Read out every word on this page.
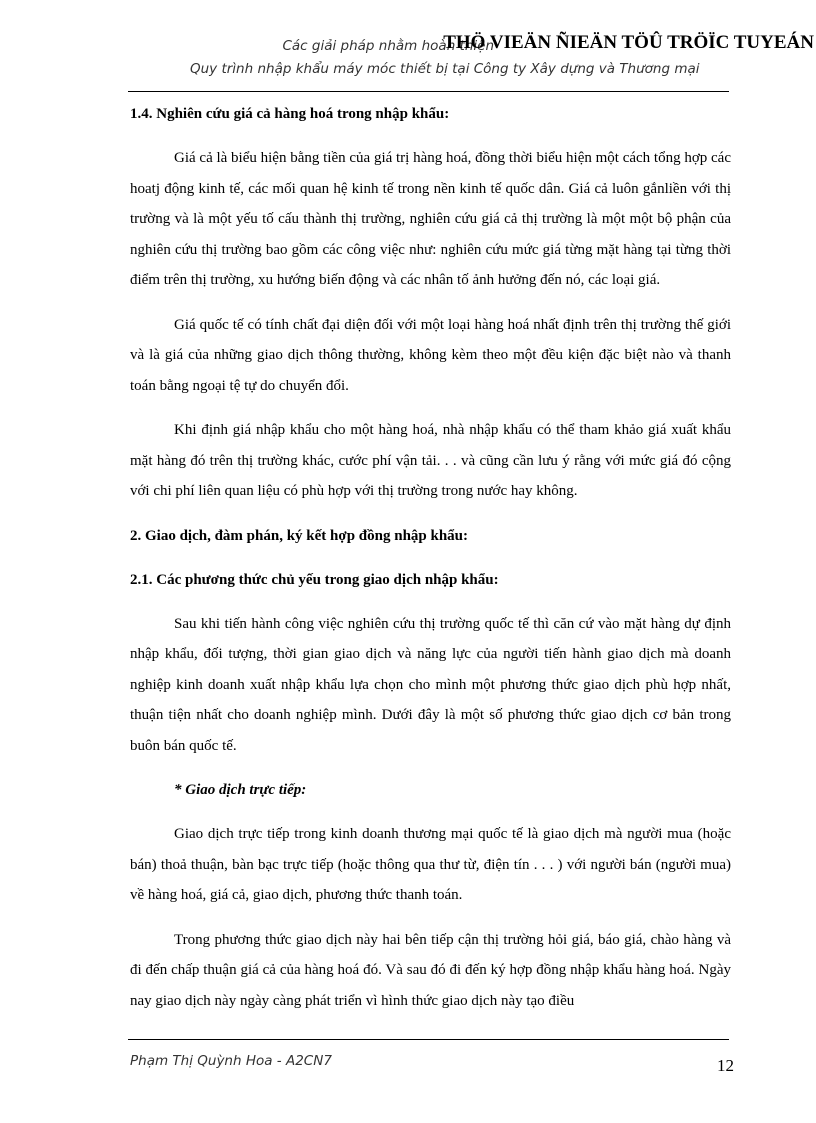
Các giải pháp nhằm hoàn thiện
THÖ VIEÄN ÑIEÄN TÖÛ TRÖÏC TUYEÁN
Quy trình nhập khẩu máy móc thiết bị tại Công ty Xây dựng và Thương mại
1.4. Nghiên cứu giá cả hàng hoá trong nhập khẩu:

Giá cả là biểu hiện bằng tiền của giá trị hàng hoá, đồng thời biểu hiện một cách tổng hợp các hoatj động kinh tế, các mối quan hệ kinh tế trong nền kinh tế quốc dân. Giá cả luôn gắnliền với thị trường và là một yếu tố cấu thành thị trường, nghiên cứu giá cả thị trường là một một bộ phận của nghiên cứu thị trường bao gồm các công việc như: nghiên cứu mức giá từng mặt hàng tại từng thời điểm trên thị trường, xu hướng biến động và các nhân tố ảnh hưởng đến nó, các loại giá.

Giá quốc tế có tính chất đại diện đối với một loại hàng hoá nhất định trên thị trường thế giới và là giá của những giao dịch thông thường, không kèm theo một đều kiện đặc biệt nào và thanh toán bằng ngoại tệ tự do chuyển đổi.

Khi định giá nhập khẩu cho một hàng hoá, nhà nhập khẩu có thể tham khảo giá xuất khẩu mặt hàng đó trên thị trường khác, cước phí vận tải. . . và cũng cần lưu ý rằng với mức giá đó cộng với chi phí liên quan liệu có phù hợp với thị trường trong nước hay không.

2. Giao dịch, đàm phán, ký kết hợp đồng nhập khẩu:
2.1. Các phương thức chủ yếu trong giao dịch nhập khẩu:

Sau khi tiến hành công việc nghiên cứu thị trường quốc tế thì căn cứ vào mặt hàng dự định nhập khẩu, đối tượng, thời gian giao dịch và năng lực của người tiến hành giao dịch mà doanh nghiệp kinh doanh xuất nhập khẩu lựa chọn cho mình một phương thức giao dịch phù hợp nhất, thuận tiện nhất cho doanh nghiệp mình. Dưới đây là một số phương thức giao dịch cơ bản trong buôn bán quốc tế.

* Giao dịch trực tiếp:

Giao dịch trực tiếp trong kinh doanh thương mại quốc tế là giao dịch mà người mua (hoặc bán) thoả thuận, bàn bạc trực tiếp (hoặc thông qua thư từ, điện tín . . . ) với người bán (người mua) về hàng hoá, giá cả, giao dịch, phương thức thanh toán.

Trong phương thức giao dịch này hai bên tiếp cận thị trường hỏi giá, báo giá, chào hàng và đi đến chấp thuận giá cả của hàng hoá đó. Và sau đó đi đến ký hợp đồng nhập khẩu hàng hoá. Ngày nay giao dịch này ngày càng phát triển vì hình thức giao dịch này tạo điều

Phạm Thị Quỳnh Hoa - A2CN7	12
